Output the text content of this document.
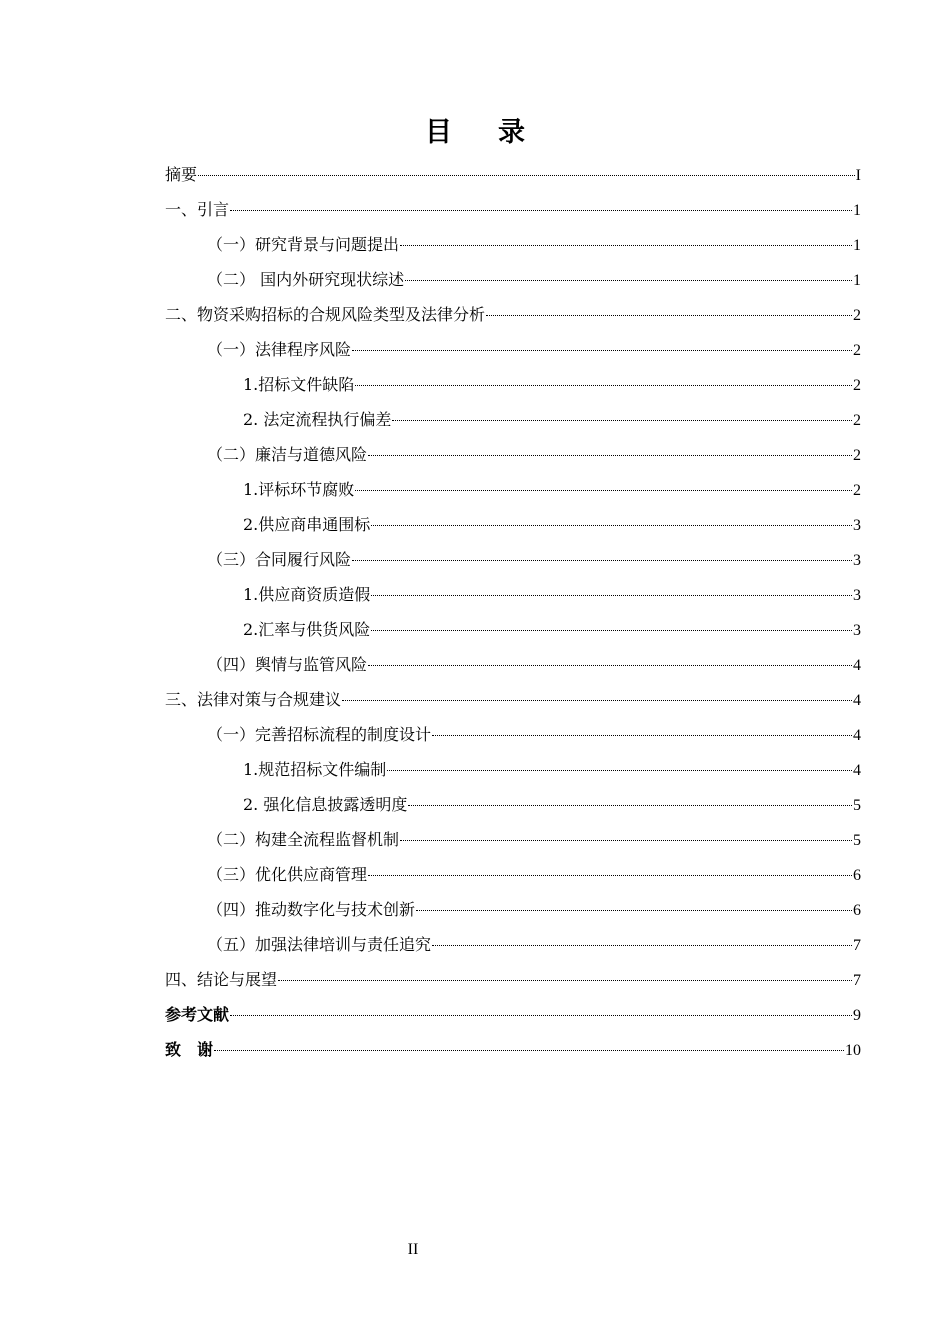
目 录
摘要	I
一、引言	1
（一）研究背景与问题提出	1
（二） 国内外研究现状综述	1
二、物资采购招标的合规风险类型及法律分析	2
（一）法律程序风险	2
1.招标文件缺陷	2
2. 法定流程执行偏差	2
（二）廉洁与道德风险	2
1.评标环节腐败	2
2.供应商串通围标	3
（三）合同履行风险	3
1.供应商资质造假	3
2.汇率与供货风险	3
（四）舆情与监管风险	4
三、法律对策与合规建议	4
（一）完善招标流程的制度设计	4
1.规范招标文件编制	4
2. 强化信息披露透明度	5
（二）构建全流程监督机制	5
（三）优化供应商管理	6
（四）推动数字化与技术创新	6
（五）加强法律培训与责任追究	7
四、结论与展望	7
参考文献	9
致　谢	10
II
